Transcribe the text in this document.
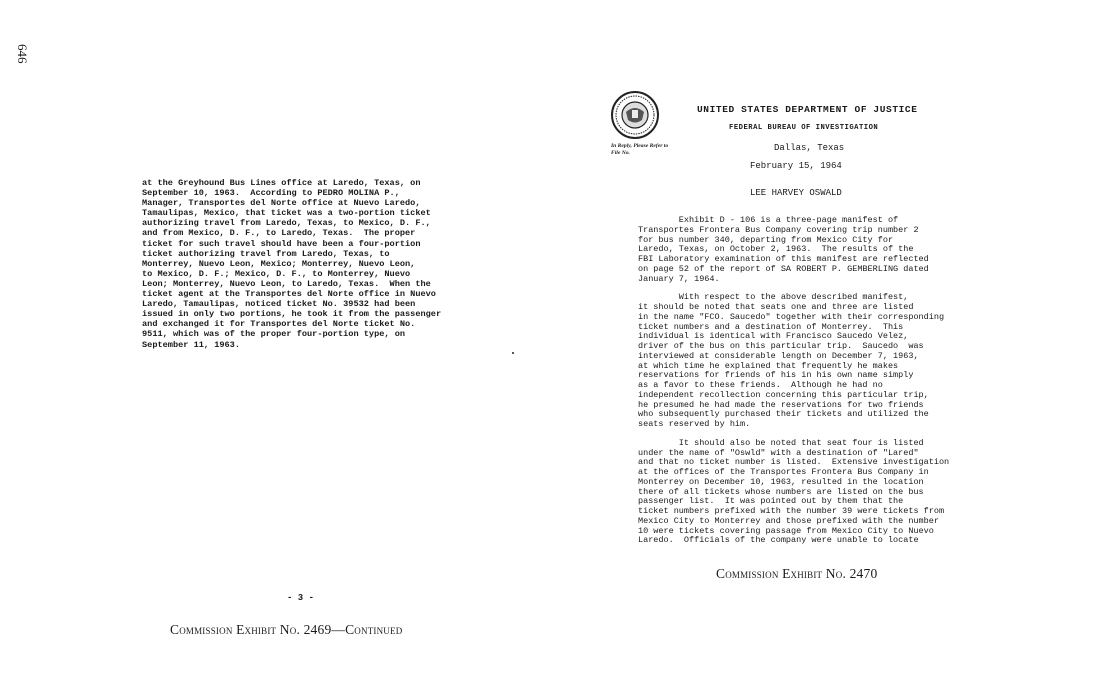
646
at the Greyhound Bus Lines office at Laredo, Texas, on
September 10, 1963.  According to PEDRO MOLINA P.,
Manager, Transportes del Norte office at Nuevo Laredo,
Tamaulipas, Mexico, that ticket was a two-portion ticket
authorizing travel from Laredo, Texas, to Mexico, D. F.,
and from Mexico, D. F., to Laredo, Texas.  The proper
ticket for such travel should have been a four-portion
ticket authorizing travel from Laredo, Texas, to
Monterrey, Nuevo Leon, Mexico; Monterrey, Nuevo Leon,
to Mexico, D. F.; Mexico, D. F., to Monterrey, Nuevo
Leon; Monterrey, Nuevo Leon, to Laredo, Texas.  When the
ticket agent at the Transportes del Norte office in Nuevo
Laredo, Tamaulipas, noticed ticket No. 39532 had been
issued in only two portions, he took it from the passenger
and exchanged it for Transportes del Norte ticket No.
9511, which was of the proper four-portion type, on
September 11, 1963.
- 3 -
Commission Exhibit No. 2469—Continued
UNITED STATES DEPARTMENT OF JUSTICE
FEDERAL BUREAU OF INVESTIGATION
In Reply, Please Refer to
File No.	Dallas, Texas
February 15, 1964
LEE HARVEY OSWALD
Exhibit D - 106 is a three-page manifest of
Transportes Frontera Bus Company covering trip number 2
for bus number 340, departing from Mexico City for
Laredo, Texas, on October 2, 1963.  The results of the
FBI Laboratory examination of this manifest are reflected
on page 52 of the report of SA ROBERT P. GEMBERLING dated
January 7, 1964.
With respect to the above described manifest,
it should be noted that seats one and three are listed
in the name "FCO. Saucedo" together with their corresponding
ticket numbers and a destination of Monterrey.  This
individual is identical with Francisco Saucedo Velez,
driver of the bus on this particular trip.  Saucedo  was
interviewed at considerable length on December 7, 1963,
at which time he explained that frequently he makes
reservations for friends of his in his own name simply
as a favor to these friends.  Although he had no
independent recollection concerning this particular trip,
he presumed he had made the reservations for two friends
who subsequently purchased their tickets and utilized the
seats reserved by him.
It should also be noted that seat four is listed
under the name of "Oswld" with a destination of "Lared"
and that no ticket number is listed.  Extensive investigation
at the offices of the Transportes Frontera Bus Company in
Monterrey on December 10, 1963, resulted in the location
there of all tickets whose numbers are listed on the bus
passenger list.  It was pointed out by them that the
ticket numbers prefixed with the number 39 were tickets from
Mexico City to Monterrey and those prefixed with the number
10 were tickets covering passage from Mexico City to Nuevo
Laredo.  Officials of the company were unable to locate
Commission Exhibit No. 2470
